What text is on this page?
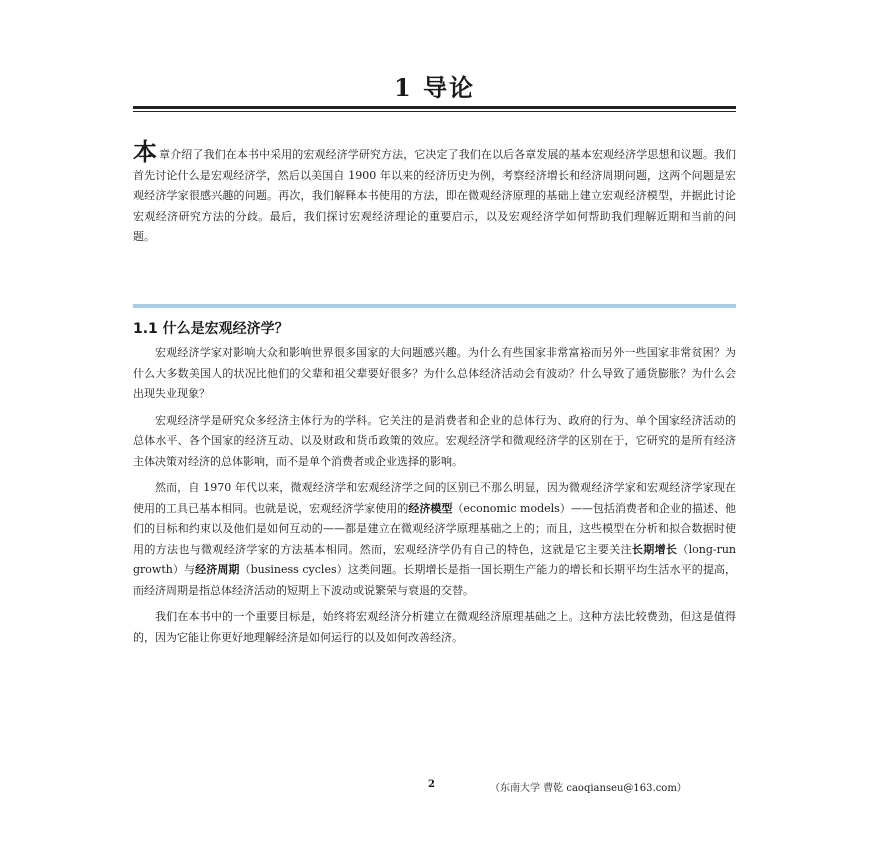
1 导论
本章介绍了我们在本书中采用的宏观经济学研究方法，它决定了我们在以后各章发展的基本宏观经济学思想和议题。我们首先讨论什么是宏观经济学，然后以美国自 1900 年以来的经济历史为例，考察经济增长和经济周期问题，这两个问题是宏观经济学家很感兴趣的问题。再次，我们解释本书使用的方法，即在微观经济原理的基础上建立宏观经济模型，并据此讨论宏观经济研究方法的分歧。最后，我们探讨宏观经济理论的重要启示，以及宏观经济学如何帮助我们理解近期和当前的问题。
1.1 什么是宏观经济学？

宏观经济学家对影响大众和影响世界很多国家的大问题感兴趣。为什么有些国家非常富裕而另外一些国家非常贫困？为什么大多数美国人的状况比他们的父辈和祖父辈要好很多？为什么总体经济活动会有波动？什么导致了通货膨胀？为什么会出现失业现象？

宏观经济学是研究众多经济主体行为的学科。它关注的是消费者和企业的总体行为、政府的行为、单个国家经济活动的总体水平、各个国家的经济互动、以及财政和货币政策的效应。宏观经济学和微观经济学的区别在于，它研究的是所有经济主体决策对经济的总体影响，而不是单个消费者或企业选择的影响。

然而，自 1970 年代以来，微观经济学和宏观经济学之间的区别已不那么明显，因为微观经济学家和宏观经济学家现在使用的工具已基本相同。也就是说，宏观经济学家使用的经济模型（economic models）——包括消费者和企业的描述、他们的目标和约束以及他们是如何互动的——都是建立在微观经济学原理基础之上的；而且，这些模型在分析和拟合数据时使用的方法也与微观经济学家的方法基本相同。然而，宏观经济学仍有自己的特色，这就是它主要关注长期增长（long-run growth）与经济周期（business cycles）这类问题。长期增长是指一国长期生产能力的增长和长期平均生活水平的提高，而经济周期是指总体经济活动的短期上下波动或说繁荣与衰退的交替。

我们在本书中的一个重要目标是，始终将宏观经济分析建立在微观经济原理基础之上。这种方法比较费劲，但这是值得的，因为它能让你更好地理解经济是如何运行的以及如何改善经济。

2	（东南大学 曹乾 caoqianseu@163.com）
